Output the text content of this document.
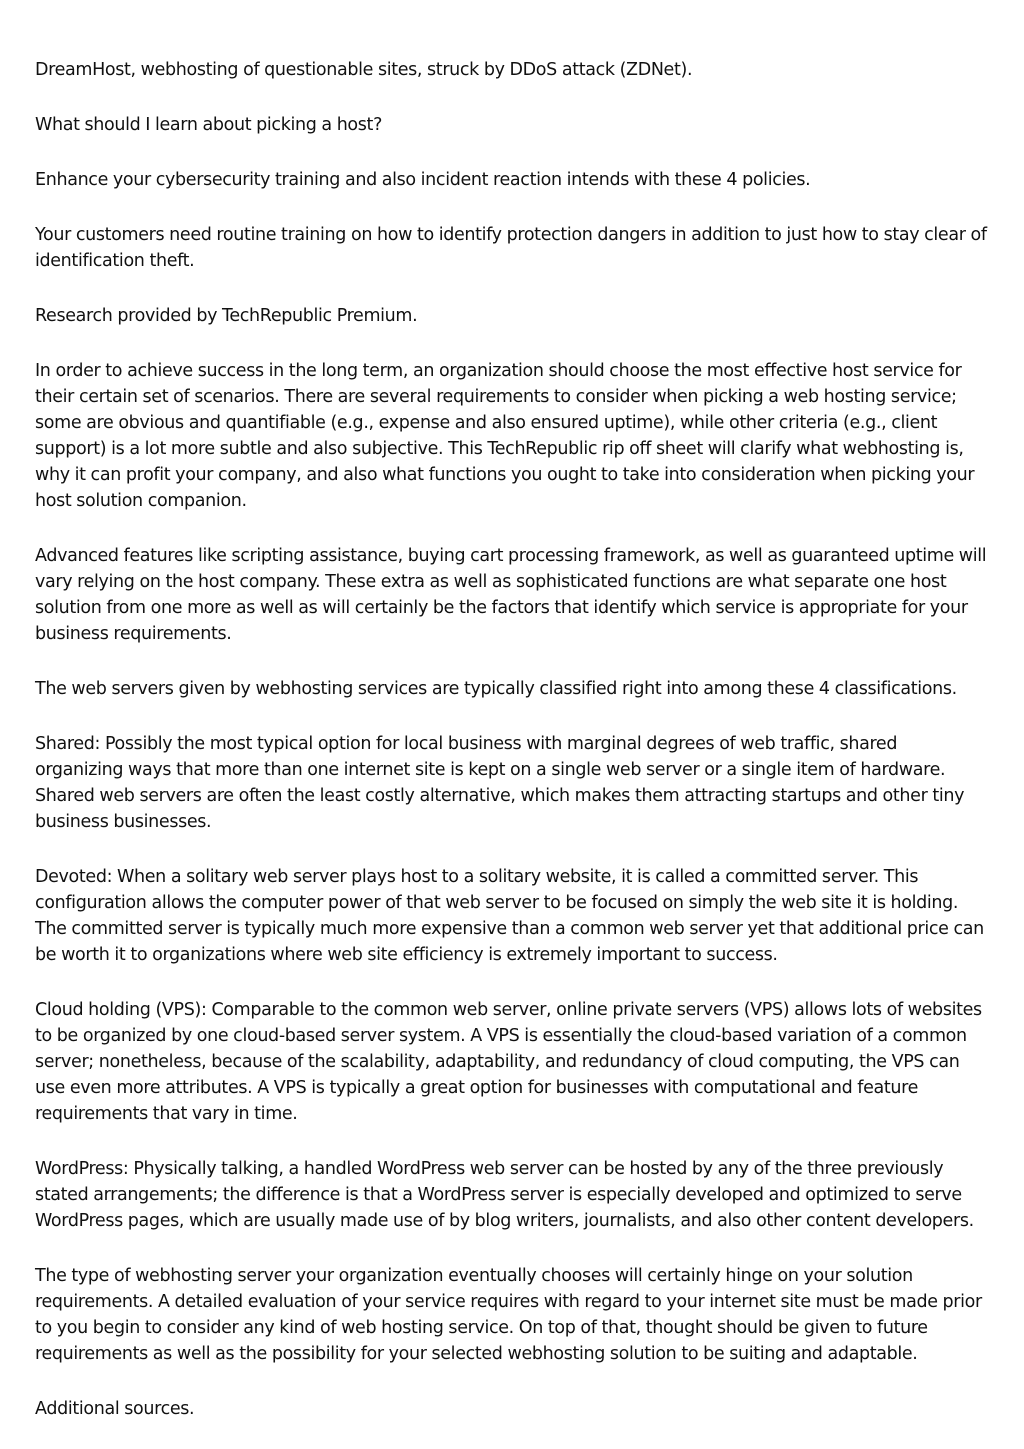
DreamHost, webhosting of questionable sites, struck by DDoS attack (ZDNet).

What should I learn about picking a host?

Enhance your cybersecurity training and also incident reaction intends with these 4 policies.

Your customers need routine training on how to identify protection dangers in addition to just how to stay clear of identification theft.

Research provided by TechRepublic Premium.

In order to achieve success in the long term, an organization should choose the most effective host service for their certain set of scenarios. There are several requirements to consider when picking a web hosting service; some are obvious and quantifiable (e.g., expense and also ensured uptime), while other criteria (e.g., client support) is a lot more subtle and also subjective. This TechRepublic rip off sheet will clarify what webhosting is, why it can profit your company, and also what functions you ought to take into consideration when picking your host solution companion.

Advanced features like scripting assistance, buying cart processing framework, as well as guaranteed uptime will vary relying on the host company. These extra as well as sophisticated functions are what separate one host solution from one more as well as will certainly be the factors that identify which service is appropriate for your business requirements.

The web servers given by webhosting services are typically classified right into among these 4 classifications.

Shared: Possibly the most typical option for local business with marginal degrees of web traffic, shared organizing ways that more than one internet site is kept on a single web server or a single item of hardware. Shared web servers are often the least costly alternative, which makes them attracting startups and other tiny business businesses.

Devoted: When a solitary web server plays host to a solitary website, it is called a committed server. This configuration allows the computer power of that web server to be focused on simply the web site it is holding. The committed server is typically much more expensive than a common web server yet that additional price can be worth it to organizations where web site efficiency is extremely important to success.

Cloud holding (VPS): Comparable to the common web server, online private servers (VPS) allows lots of websites to be organized by one cloud-based server system. A VPS is essentially the cloud-based variation of a common server; nonetheless, because of the scalability, adaptability, and redundancy of cloud computing, the VPS can use even more attributes. A VPS is typically a great option for businesses with computational and feature requirements that vary in time.

WordPress: Physically talking, a handled WordPress web server can be hosted by any of the three previously stated arrangements; the difference is that a WordPress server is especially developed and optimized to serve WordPress pages, which are usually made use of by blog writers, journalists, and also other content developers.

The type of webhosting server your organization eventually chooses will certainly hinge on your solution requirements. A detailed evaluation of your service requires with regard to your internet site must be made prior to you begin to consider any kind of web hosting service. On top of that, thought should be given to future requirements as well as the possibility for your selected webhosting solution to be suiting and adaptable.

Additional sources.
